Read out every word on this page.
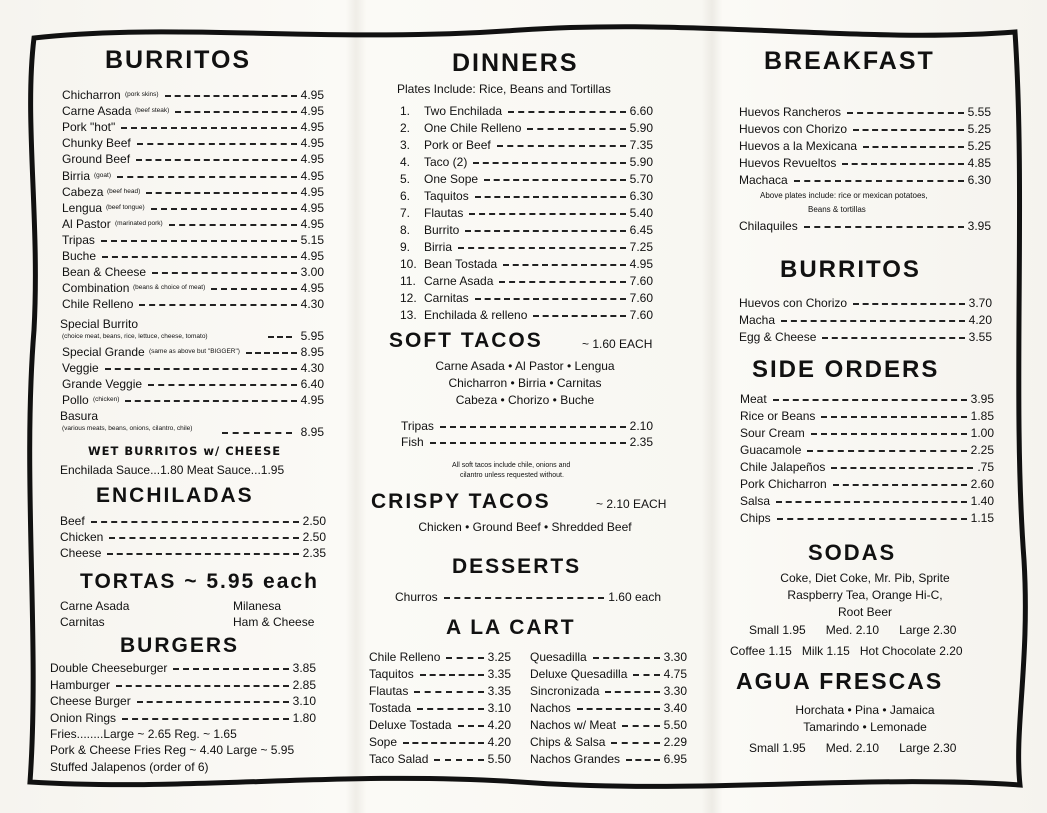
BURRITOS
Chicharron (pork skins)	4.95
Carne Asada (beef steak)	4.95
Pork "hot"	4.95
Chunky Beef	4.95
Ground Beef	4.95
Birria (goat)	4.95
Cabeza (beef head)	4.95
Lengua (beef tongue)	4.95
Al Pastor (marinated pork)	4.95
Tripas	5.15
Buche	4.95
Bean & Cheese	3.00
Combination (beans & choice of meat)	4.95
Chile Relleno	4.30
Special Burrito
(choice meat, beans, rice, lettuce, cheese, tomato)	5.95
Special Grande (same as above but "BIGGER")	8.95
Veggie	4.30
Grande Veggie	6.40
Pollo (chicken)	4.95
Basura
(various meats, beans, onions, cilantro, chile)	8.95
WET BURRITOS w/ CHEESE
Enchilada Sauce...1.80 Meat Sauce...1.95
ENCHILADAS
Beef	2.50
Chicken	2.50
Cheese	2.35
TORTAS ~ 5.95 each
Carne Asada	Milanesa
Carnitas	Ham & Cheese
BURGERS
Double Cheeseburger	3.85
Hamburger	2.85
Cheese Burger	3.10
Onion Rings	1.80
Fries........Large ~ 2.65 Reg. ~ 1.65
Pork & Cheese Fries Reg ~ 4.40 Large ~ 5.95
Stuffed Jalapenos (order of 6)
DINNERS
Plates Include: Rice, Beans and Tortillas
1. Two Enchilada	6.60
2. One Chile Relleno	5.90
3. Pork or Beef	7.35
4. Taco (2)	5.90
5. One Sope	5.70
6. Taquitos	6.30
7. Flautas	5.40
8. Burrito	6.45
9. Birria	7.25
10. Bean Tostada	4.95
11. Carne Asada	7.60
12. Carnitas	7.60
13. Enchilada & relleno	7.60
SOFT TACOS	~ 1.60 EACH
Carne Asada • Al Pastor • Lengua
Chicharron • Birria • Carnitas
Cabeza • Chorizo • Buche
Tripas	2.10
Fish	2.35
All soft tacos include chile, onions and
cilantro unless requested without.
CRISPY TACOS	~ 2.10 EACH
Chicken • Ground Beef • Shredded Beef
DESSERTS
Churros	1.60 each
A LA CART
Chile Relleno	3.25
Taquitos	3.35
Flautas	3.35
Tostada	3.10
Deluxe Tostada	4.20
Sope	4.20
Taco Salad	5.50
Quesadilla	3.30
Deluxe Quesadilla	4.75
Sincronizada	3.30
Nachos	3.40
Nachos w/ Meat	5.50
Chips & Salsa	2.29
Nachos Grandes	6.95
BREAKFAST
Huevos Rancheros	5.55
Huevos con Chorizo	5.25
Huevos a la Mexicana	5.25
Huevos Revueltos	4.85
Machaca	6.30
Above plates include: rice or mexican potatoes,
Beans & tortillas
Chilaquiles	3.95
BURRITOS
Huevos con Chorizo	3.70
Macha	4.20
Egg & Cheese	3.55
SIDE ORDERS
Meat	3.95
Rice or Beans	1.85
Sour Cream	1.00
Guacamole	2.25
Chile Jalapeños	.75
Pork Chicharron	2.60
Salsa	1.40
Chips	1.15
SODAS
Coke, Diet Coke, Mr. Pib, Sprite
Raspberry Tea, Orange Hi-C,
Root Beer
Small 1.95      Med. 2.10      Large 2.30
Coffee 1.15   Milk 1.15   Hot Chocolate 2.20
AGUA FRESCAS
Horchata • Pina • Jamaica
Tamarindo • Lemonade
Small 1.95      Med. 2.10      Large 2.30
